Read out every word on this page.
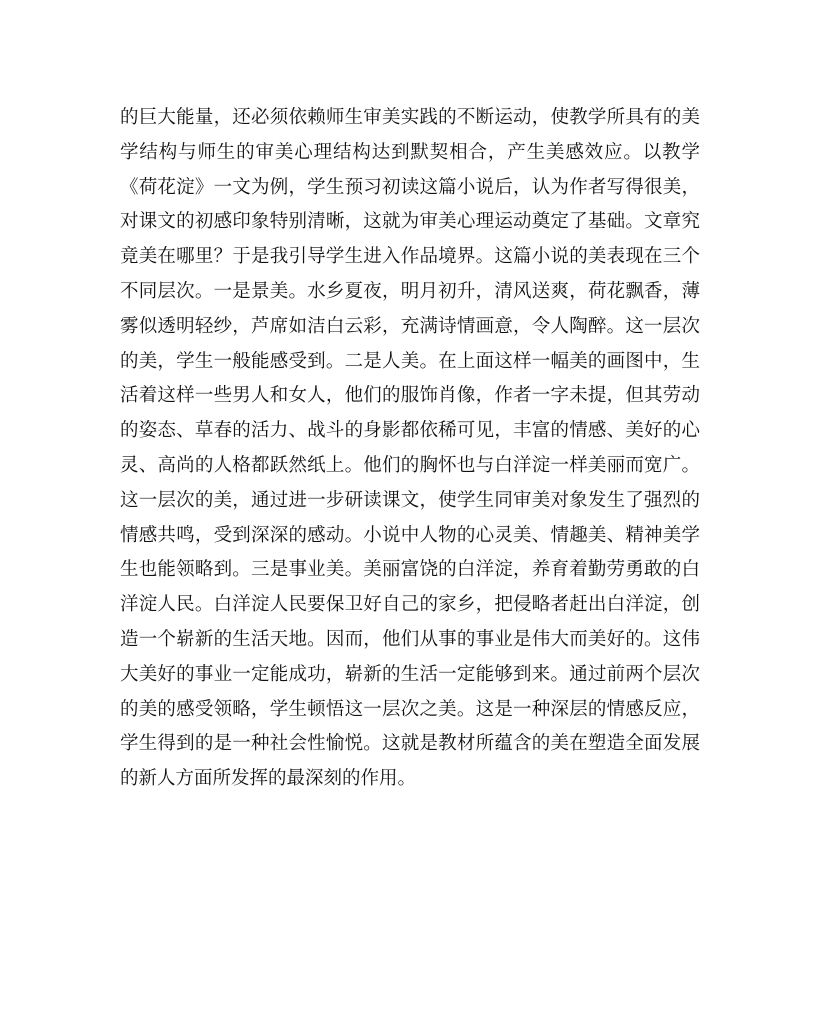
的巨大能量，还必须依赖师生审美实践的不断运动，使教学所具有的美
学结构与师生的审美心理结构达到默契相合，产生美感效应。以教学
《荷花淀》一文为例，学生预习初读这篇小说后，认为作者写得很美，
对课文的初感印象特别清晰，这就为审美心理运动奠定了基础。文章究
竟美在哪里？于是我引导学生进入作品境界。这篇小说的美表现在三个
不同层次。一是景美。水乡夏夜，明月初升，清风送爽，荷花飘香，薄
雾似透明轻纱，芦席如洁白云彩，充满诗情画意，令人陶醉。这一层次
的美，学生一般能感受到。二是人美。在上面这样一幅美的画图中，生
活着这样一些男人和女人，他们的服饰肖像，作者一字未提，但其劳动
的姿态、草春的活力、战斗的身影都依稀可见，丰富的情感、美好的心
灵、高尚的人格都跃然纸上。他们的胸怀也与白洋淀一样美丽而宽广。
这一层次的美，通过进一步研读课文，使学生同审美对象发生了强烈的
情感共鸣，受到深深的感动。小说中人物的心灵美、情趣美、精神美学
生也能领略到。三是事业美。美丽富饶的白洋淀，养育着勤劳勇敢的白
洋淀人民。白洋淀人民要保卫好自己的家乡，把侵略者赶出白洋淀，创
造一个崭新的生活天地。因而，他们从事的事业是伟大而美好的。这伟
大美好的事业一定能成功，崭新的生活一定能够到来。通过前两个层次
的美的感受领略，学生顿悟这一层次之美。这是一种深层的情感反应，
学生得到的是一种社会性愉悦。这就是教材所蕴含的美在塑造全面发展
的新人方面所发挥的最深刻的作用。
